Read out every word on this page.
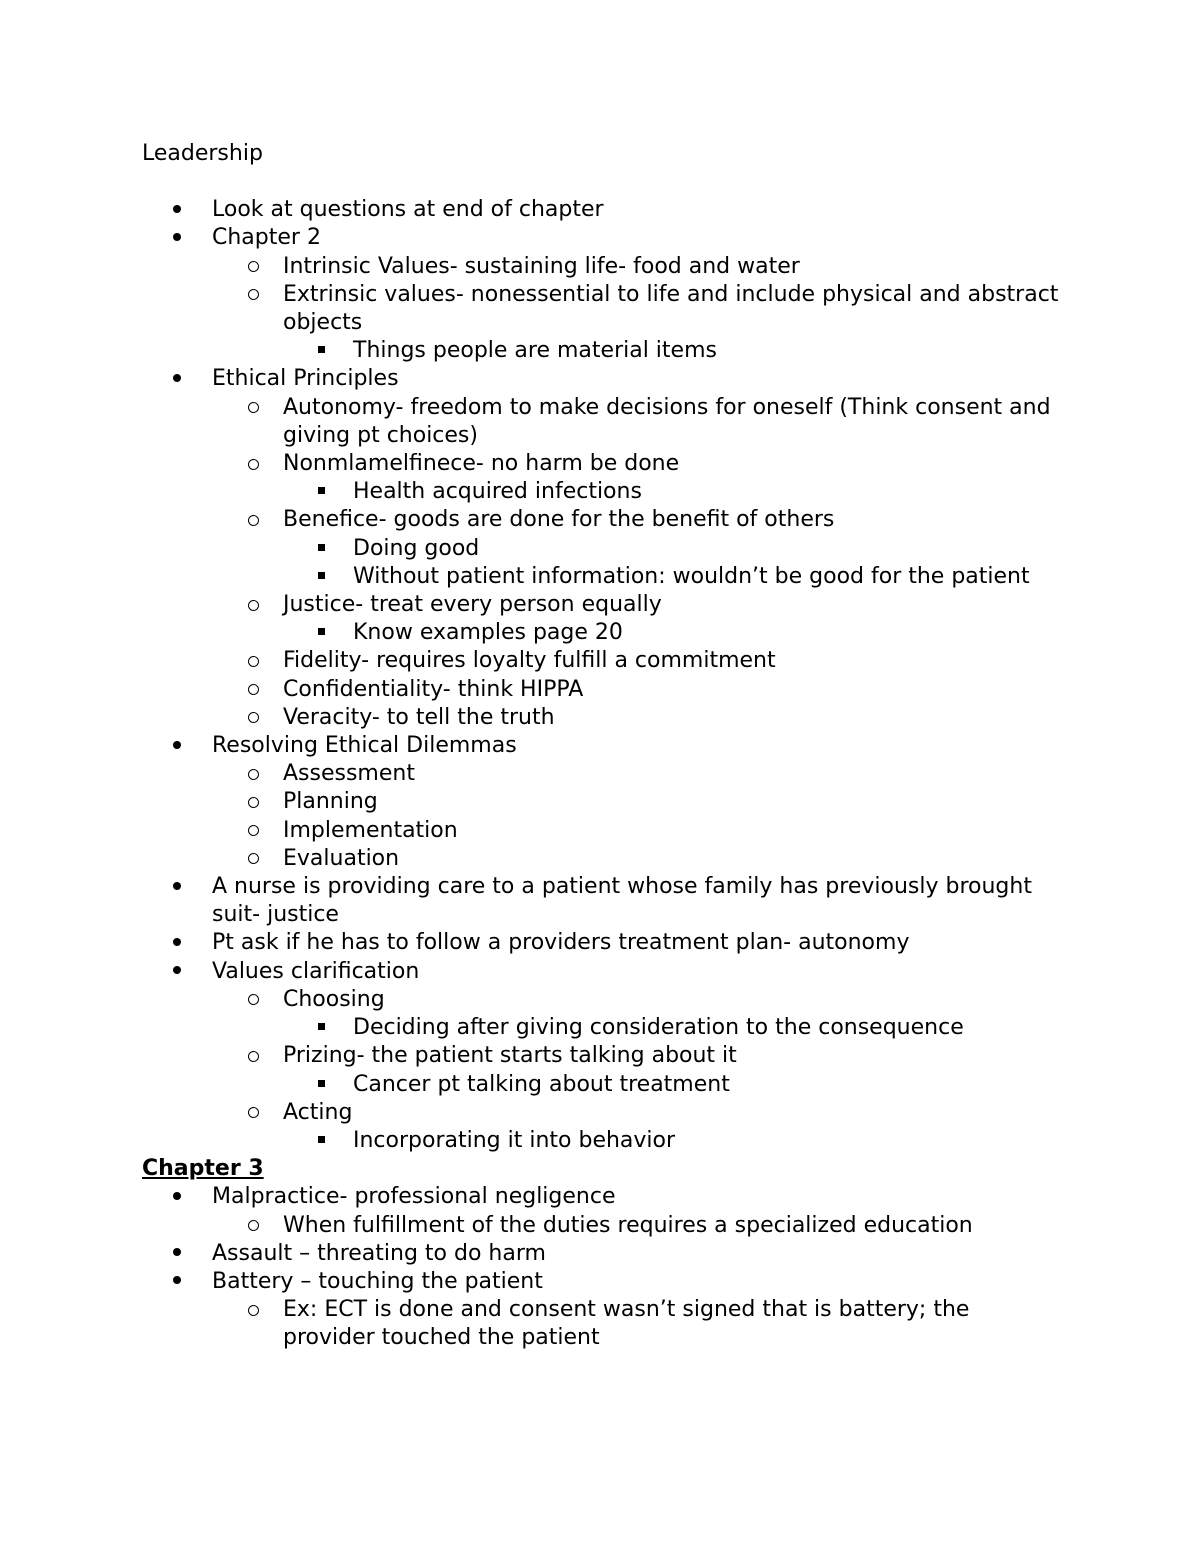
Leadership
Look at questions at end of chapter
Chapter 2
Intrinsic Values- sustaining life- food and water
Extrinsic values- nonessential to life and include physical and abstract objects
Things people are material items
Ethical Principles
Autonomy- freedom to make decisions for oneself (Think consent and giving pt choices)
Nonmlamelfinece- no harm be done
Health acquired infections
Benefice- goods are done for the benefit of others
Doing good
Without patient information: wouldn’t be good for the patient
Justice- treat every person equally
Know examples page 20
Fidelity- requires loyalty fulfill a commitment
Confidentiality- think HIPPA
Veracity- to tell the truth
Resolving Ethical Dilemmas
Assessment
Planning
Implementation
Evaluation
A nurse is providing care to a patient whose family has previously brought suit- justice
Pt ask if he has to follow a providers treatment plan- autonomy
Values clarification
Choosing
Deciding after giving consideration to the consequence
Prizing- the patient starts talking about it
Cancer pt talking about treatment
Acting
Incorporating it into behavior
Chapter 3
Malpractice- professional negligence
When fulfillment of the duties requires a specialized education
Assault – threating to do harm
Battery – touching the patient
Ex: ECT is done and consent wasn’t signed that is battery; the provider touched the patient
